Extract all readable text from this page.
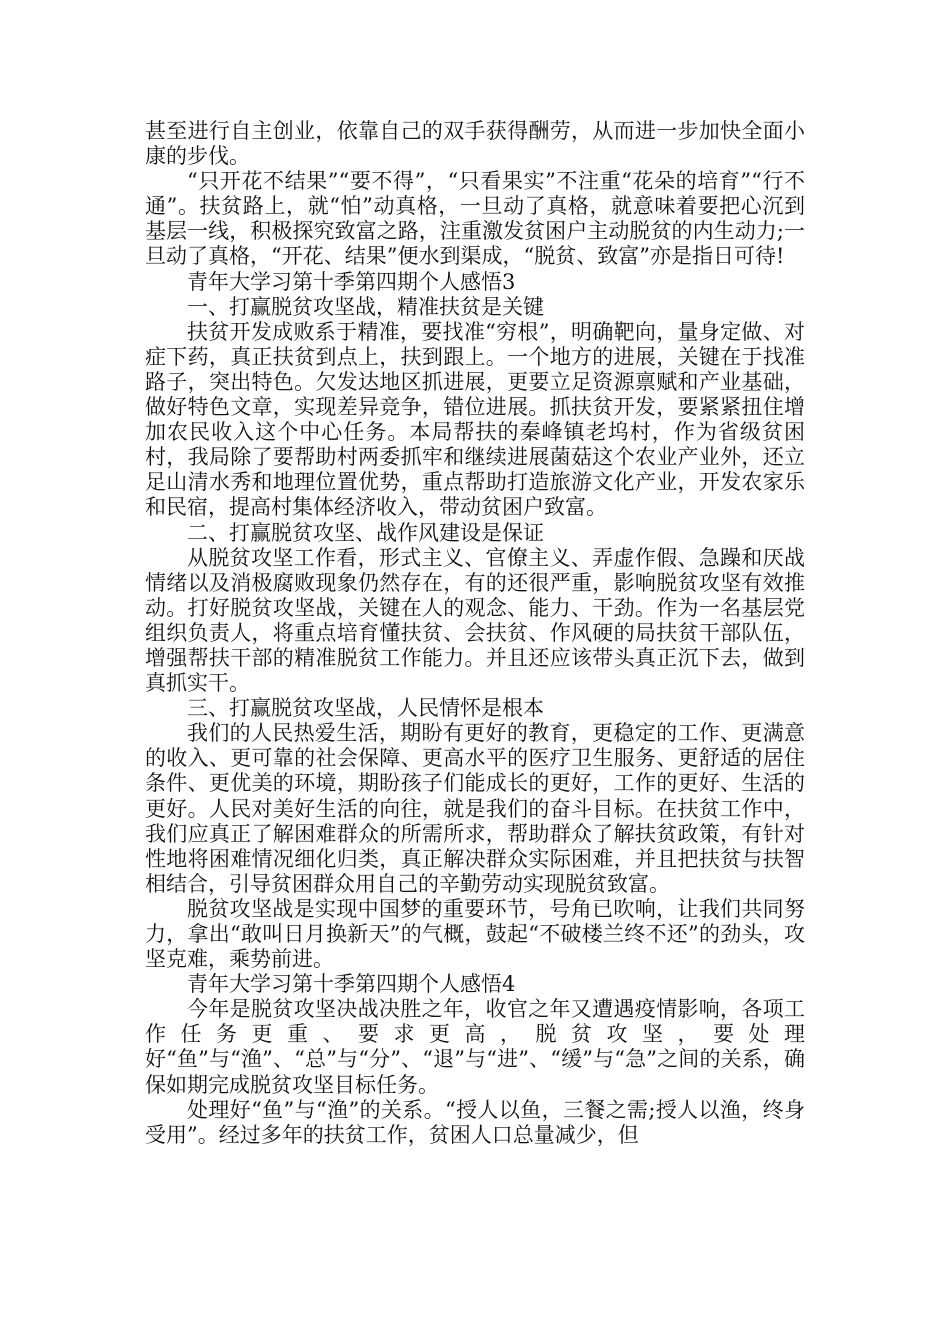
甚至进行自主创业，依靠自己的双手获得酬劳，从而进一步加快全面小康的步伐。

“只开花不结果”“要不得”，“只看果实”不注重“花朵的培育”“行不通”。扶贫路上，就“怕”动真格，一旦动了真格，就意味着要把心沉到基层一线，积极探究致富之路，注重激发贫困户主动脱贫的内生动力;一旦动了真格，“开花、结果”便水到渠成，“脱贫、致富”亦是指日可待!

青年大学习第十季第四期个人感悟3

一、打赢脱贫攻坚战，精准扶贫是关键

扶贫开发成败系于精准，要找准“穷根”，明确靶向，量身定做、对症下药，真正扶贫到点上，扶到跟上。一个地方的进展，关键在于找准路子，突出特色。欠发达地区抓进展，更要立足资源禀赋和产业基础，做好特色文章，实现差异竞争，错位进展。抓扶贫开发，要紧紧扭住增加农民收入这个中心任务。本局帮扶的秦峰镇老坞村，作为省级贫困村，我局除了要帮助村两委抓牢和继续进展菌菇这个农业产业外，还立足山清水秀和地理位置优势，重点帮助打造旅游文化产业，开发农家乐和民宿，提高村集体经济收入，带动贫困户致富。

二、打赢脱贫攻坚、战作风建设是保证

从脱贫攻坚工作看，形式主义、官僚主义、弄虚作假、急躁和厌战情绪以及消极腐败现象仍然存在，有的还很严重，影响脱贫攻坚有效推动。打好脱贫攻坚战，关键在人的观念、能力、干劲。作为一名基层党组织负责人，将重点培育懂扶贫、会扶贫、作风硬的局扶贫干部队伍，增强帮扶干部的精准脱贫工作能力。并且还应该带头真正沉下去，做到真抓实干。

三、打赢脱贫攻坚战，人民情怀是根本

我们的人民热爱生活，期盼有更好的教育，更稳定的工作、更满意的收入、更可靠的社会保障、更高水平的医疗卫生服务、更舒适的居住条件、更优美的环境，期盼孩子们能成长的更好，工作的更好、生活的更好。人民对美好生活的向往，就是我们的奋斗目标。在扶贫工作中，我们应真正了解困难群众的所需所求，帮助群众了解扶贫政策，有针对性地将困难情况细化归类，真正解决群众实际困难，并且把扶贫与扶智相结合，引导贫困群众用自己的辛勤劳动实现脱贫致富。

脱贫攻坚战是实现中国梦的重要环节，号角已吹响，让我们共同努力，拿出“敢叫日月换新天”的气概，鼓起“不破楼兰终不还”的劲头，攻坚克难，乘势前进。

青年大学习第十季第四期个人感悟4

今年是脱贫攻坚决战决胜之年，收官之年又遭遇疫情影响，各项工作任务更重、要求更高，脱贫攻坚，要处理好“鱼”与“渔”、“总”与“分”、“退”与“进”、“缓”与“急”之间的关系，确保如期完成脱贫攻坚目标任务。

处理好“鱼”与“渔”的关系。“授人以鱼，三餐之需;授人以渔，终身受用”。经过多年的扶贫工作，贫困人口总量减少，但
